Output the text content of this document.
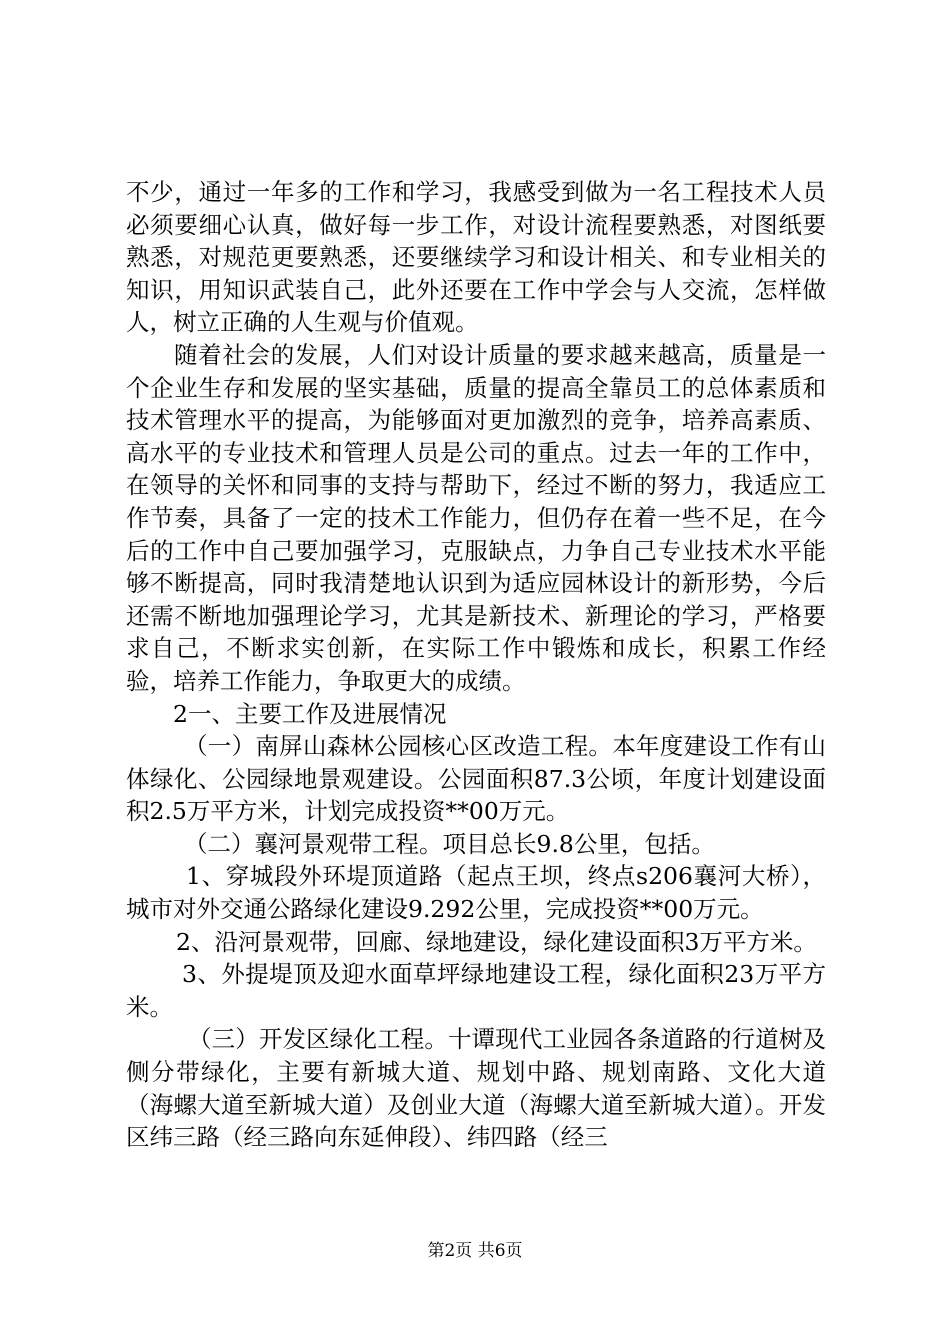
不少，通过一年多的工作和学习，我感受到做为一名工程技术人员必须要细心认真，做好每一步工作，对设计流程要熟悉，对图纸要熟悉，对规范更要熟悉，还要继续学习和设计相关、和专业相关的知识，用知识武装自己，此外还要在工作中学会与人交流，怎样做人，树立正确的人生观与价值观。

随着社会的发展，人们对设计质量的要求越来越高，质量是一个企业生存和发展的坚实基础，质量的提高全靠员工的总体素质和技术管理水平的提高，为能够面对更加激烈的竞争，培养高素质、高水平的专业技术和管理人员是公司的重点。过去一年的工作中，在领导的关怀和同事的支持与帮助下，经过不断的努力，我适应工作节奏，具备了一定的技术工作能力，但仍存在着一些不足，在今后的工作中自己要加强学习，克服缺点，力争自己专业技术水平能够不断提高，同时我清楚地认识到为适应园林设计的新形势，今后还需不断地加强理论学习，尤其是新技术、新理论的学习，严格要求自己，不断求实创新，在实际工作中锻炼和成长，积累工作经验，培养工作能力，争取更大的成绩。

2一、主要工作及进展情况

（一）南屏山森林公园核心区改造工程。本年度建设工作有山体绿化、公园绿地景观建设。公园面积87.3公顷，年度计划建设面积2.5万平方米，计划完成投资**00万元。

（二）襄河景观带工程。项目总长9.8公里，包括。

1、穿城段外环堤顶道路（起点王坝，终点s206襄河大桥），城市对外交通公路绿化建设9.292公里，完成投资**00万元。

2、沿河景观带，回廊、绿地建设，绿化建设面积3万平方米。

3、外提堤顶及迎水面草坪绿地建设工程，绿化面积23万平方米。

（三）开发区绿化工程。十谭现代工业园各条道路的行道树及侧分带绿化，主要有新城大道、规划中路、规划南路、文化大道（海螺大道至新城大道）及创业大道（海螺大道至新城大道）。开发区纬三路（经三路向东延伸段）、纬四路（经三

第2页 共6页
